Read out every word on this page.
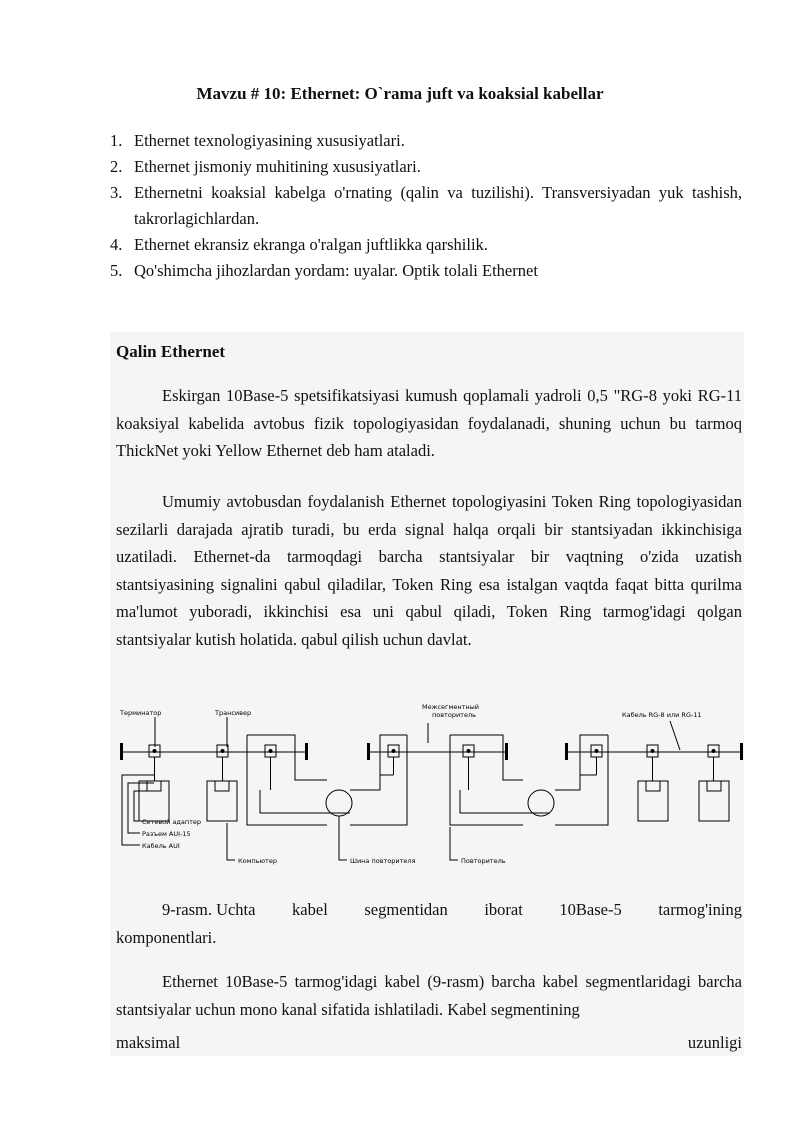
Mavzu # 10: Ethernet: O`rama juft va koaksial kabellar
1. Ethernet texnologiyasining xususiyatlari.
2. Ethernet jismoniy muhitining xususiyatlari.
3. Ethernetni koaksial kabelga o'rnating (qalin va tuzilishi). Transversiyadan yuk tashish, takrorlagichlardan.
4. Ethernet ekransiz ekranga o'ralgan juftlikka qarshilik.
5. Qo'shimcha jihozlardan yordam: uyalar. Optik tolali Ethernet
Qalin Ethernet

Eskirgan 10Base-5 spetsifikatsiyasi kumush qoplamali yadroli 0,5 "RG-8 yoki RG-11 koaksiyal kabelida avtobus fizik topologiyasidan foydalanadi, shuning uchun bu tarmoq ThickNet yoki Yellow Ethernet deb ham ataladi.

Umumiy avtobusdan foydalanish Ethernet topologiyasini Token Ring topologiyasidan sezilarli darajada ajratib turadi, bu erda signal halqa orqali bir stantsiyadan ikkinchisiga uzatiladi. Ethernet-da tarmoqdagi barcha stantsiyalar bir vaqtning o'zida uzatish stantsiyasining signalini qabul qiladilar, Token Ring esa istalgan vaqtda faqat bitta qurilma ma'lumot yuboradi, ikkinchisi esa uni qabul qiladi, Token Ring tarmog'idagi qolgan stantsiyalar kutish holatida. qabul qilish uchun davlat.

Терминатор	Трансивер
Межсегментный
повторитель	Кабель RG-8 или RG-11
Сетевой адаптер
Разъем AUI-15
Кабель AUI
Компьютер	Шина повторителя	Повторитель
9-rasm. Uchta kabel segmentidan iborat 10Base-5 tarmog'ining
komponentlari.

Ethernet 10Base-5 tarmog'idagi kabel (9-rasm) barcha kabel segmentlaridagi barcha stantsiyalar uchun mono kanal sifatida ishlatiladi. Kabel segmentining

maksimal	uzunligi
